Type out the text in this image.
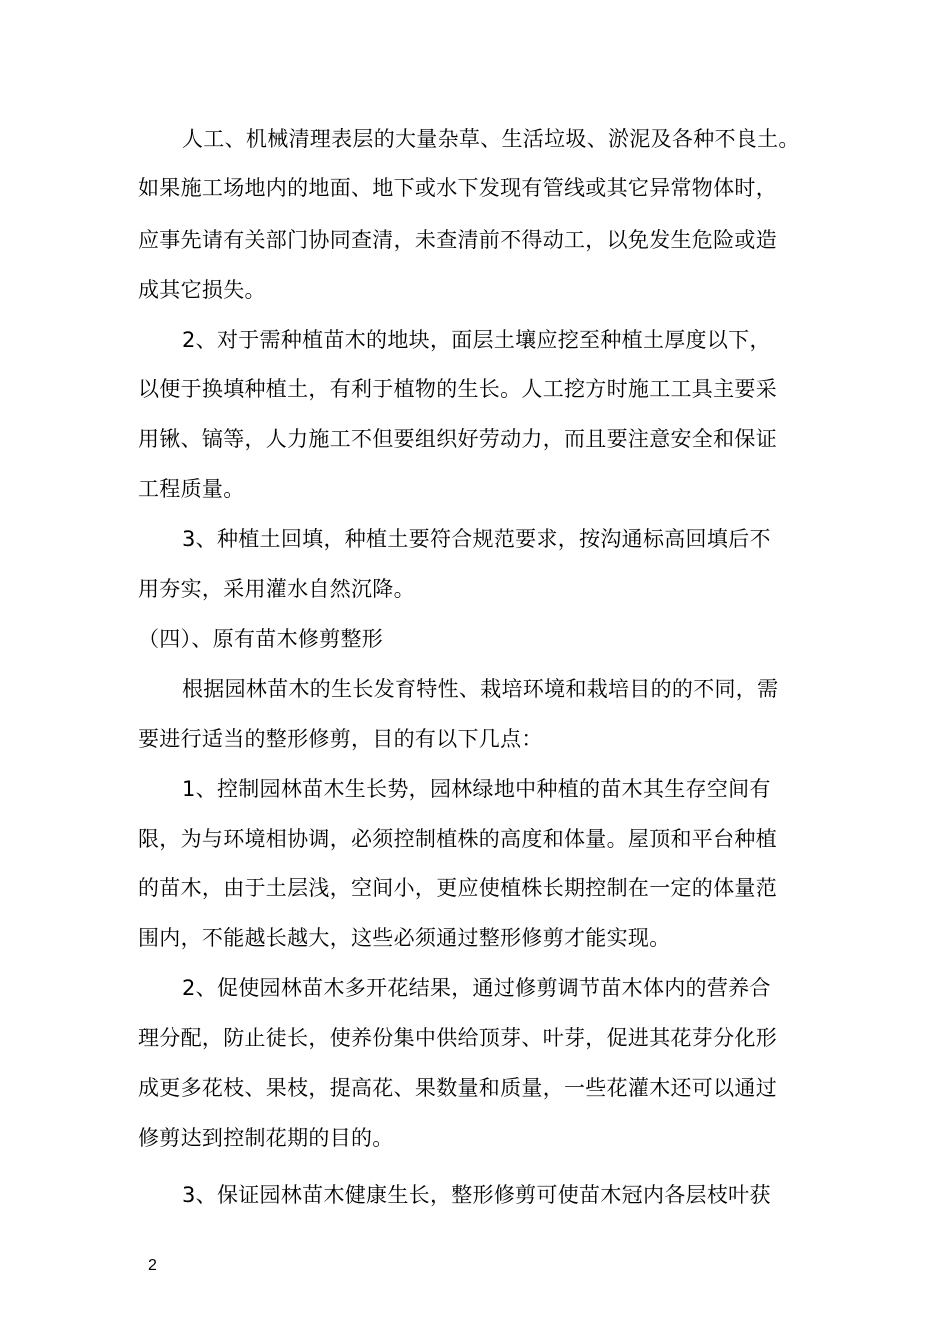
人工、机械清理表层的大量杂草、生活垃圾、淤泥及各种不良土。
如果施工场地内的地面、地下或水下发现有管线或其它异常物体时，
应事先请有关部门协同查清，未查清前不得动工，以免发生危险或造
成其它损失。
2、对于需种植苗木的地块，面层土壤应挖至种植土厚度以下，
以便于换填种植土，有利于植物的生长。人工挖方时施工工具主要采
用锹、镐等，人力施工不但要组织好劳动力，而且要注意安全和保证
工程质量。
3、种植土回填，种植土要符合规范要求，按沟通标高回填后不
用夯实，采用灌水自然沉降。
（四）、原有苗木修剪整形
根据园林苗木的生长发育特性、栽培环境和栽培目的的不同，需
要进行适当的整形修剪，目的有以下几点：
1、控制园林苗木生长势，园林绿地中种植的苗木其生存空间有
限，为与环境相协调，必须控制植株的高度和体量。屋顶和平台种植
的苗木，由于土层浅，空间小，更应使植株长期控制在一定的体量范
围内，不能越长越大，这些必须通过整形修剪才能实现。
2、促使园林苗木多开花结果，通过修剪调节苗木体内的营养合
理分配，防止徒长，使养份集中供给顶芽、叶芽，促进其花芽分化形
成更多花枝、果枝，提高花、果数量和质量，一些花灌木还可以通过
修剪达到控制花期的目的。
3、保证园林苗木健康生长，整形修剪可使苗木冠内各层枝叶获
2
